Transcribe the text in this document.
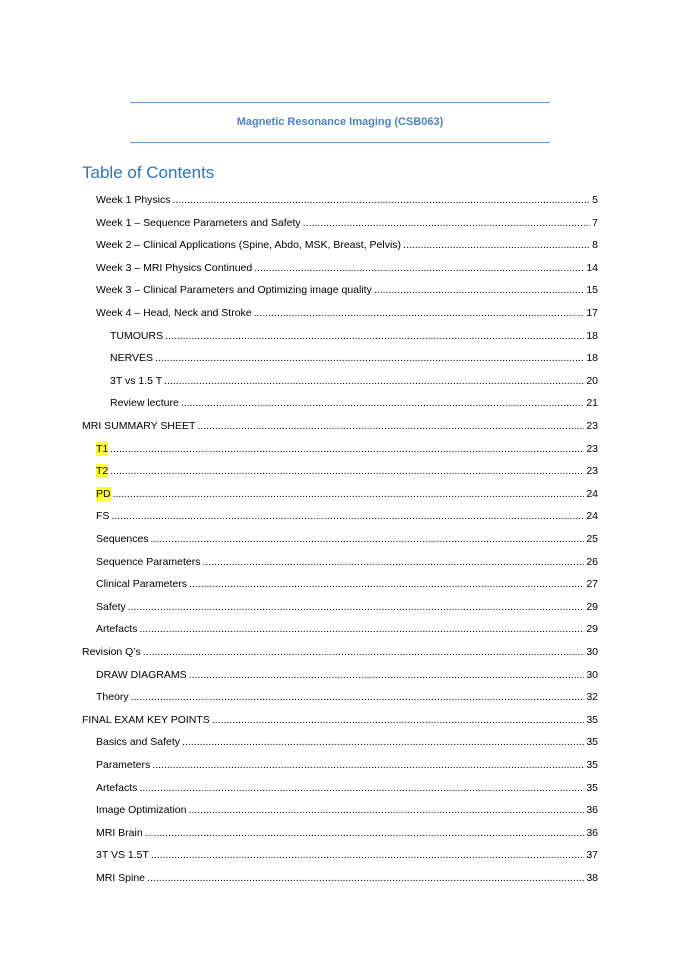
Magnetic Resonance Imaging (CSB063)
Table of Contents
Week 1 Physics .....	5
Week 1 – Sequence Parameters and Safety .....	7
Week 2 – Clinical Applications (Spine, Abdo, MSK, Breast, Pelvis) .....	8
Week 3 – MRI Physics Continued .....	14
Week 3 – Clinical Parameters and Optimizing image quality .....	15
Week 4 – Head, Neck and Stroke .....	17
TUMOURS .....	18
NERVES .....	18
3T vs 1.5 T .....	20
Review lecture .....	21
MRI SUMMARY SHEET .....	23
T1 .....	23
T2 .....	23
PD .....	24
FS .....	24
Sequences .....	25
Sequence Parameters .....	26
Clinical Parameters .....	27
Safety .....	29
Artefacts .....	29
Revision Q’s .....	30
DRAW DIAGRAMS .....	30
Theory .....	32
FINAL EXAM KEY POINTS .....	35
Basics and Safety .....	35
Parameters .....	35
Artefacts .....	35
Image Optimization .....	36
MRI Brain .....	36
3T VS 1.5T .....	37
MRI Spine .....	38
